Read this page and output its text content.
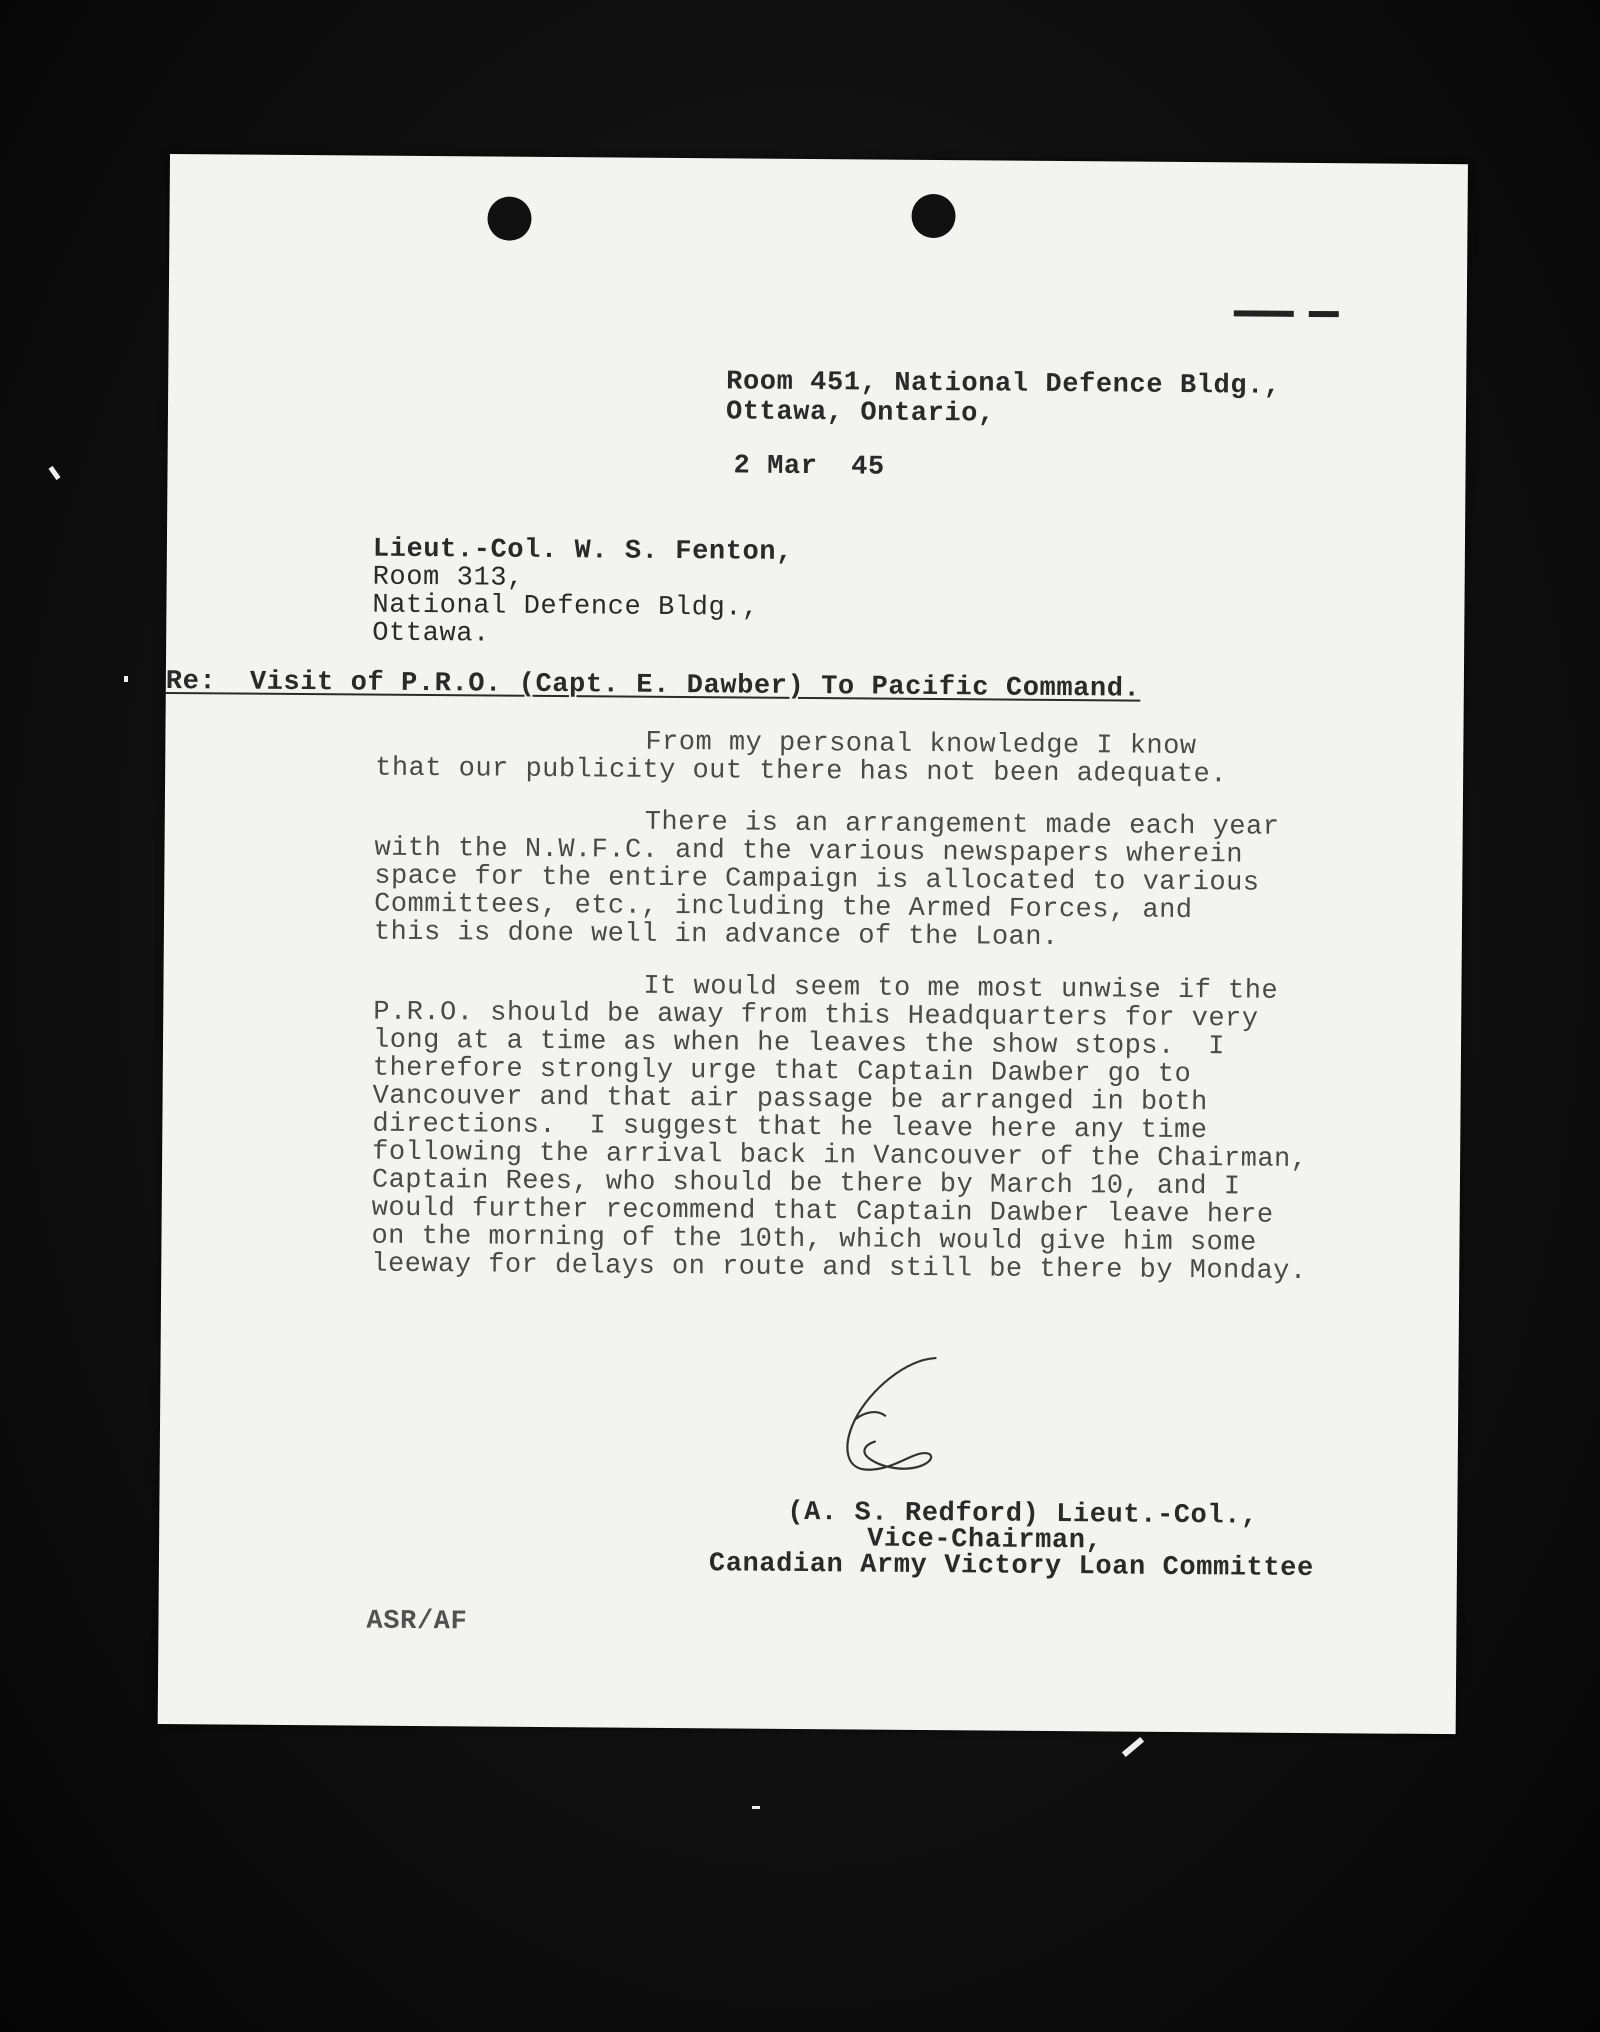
Room 451, National Defence Bldg.,

Ottawa, Ontario,

2 Mar  45

Lieut.-Col. W. S. Fenton,

Room 313,

National Defence Bldg.,

Ottawa.

Re:  Visit of P.R.O. (Capt. E. Dawber) To Pacific Command.

From my personal knowledge I know
that our publicity out there has not been adequate.
There is an arrangement made each year
with the N.W.F.C. and the various newspapers wherein
space for the entire Campaign is allocated to various
Committees, etc., including the Armed Forces, and
this is done well in advance of the Loan.
It would seem to me most unwise if the
P.R.O. should be away from this Headquarters for very
long at a time as when he leaves the show stops.  I
therefore strongly urge that Captain Dawber go to
Vancouver and that air passage be arranged in both
directions.  I suggest that he leave here any time
following the arrival back in Vancouver of the Chairman,
Captain Rees, who should be there by March 10, and I
would further recommend that Captain Dawber leave here
on the morning of the 10th, which would give him some
leeway for delays on route and still be there by Monday.

(A. S. Redford) Lieut.-Col.,

Vice-Chairman,

Canadian Army Victory Loan Committee

ASR/AF
